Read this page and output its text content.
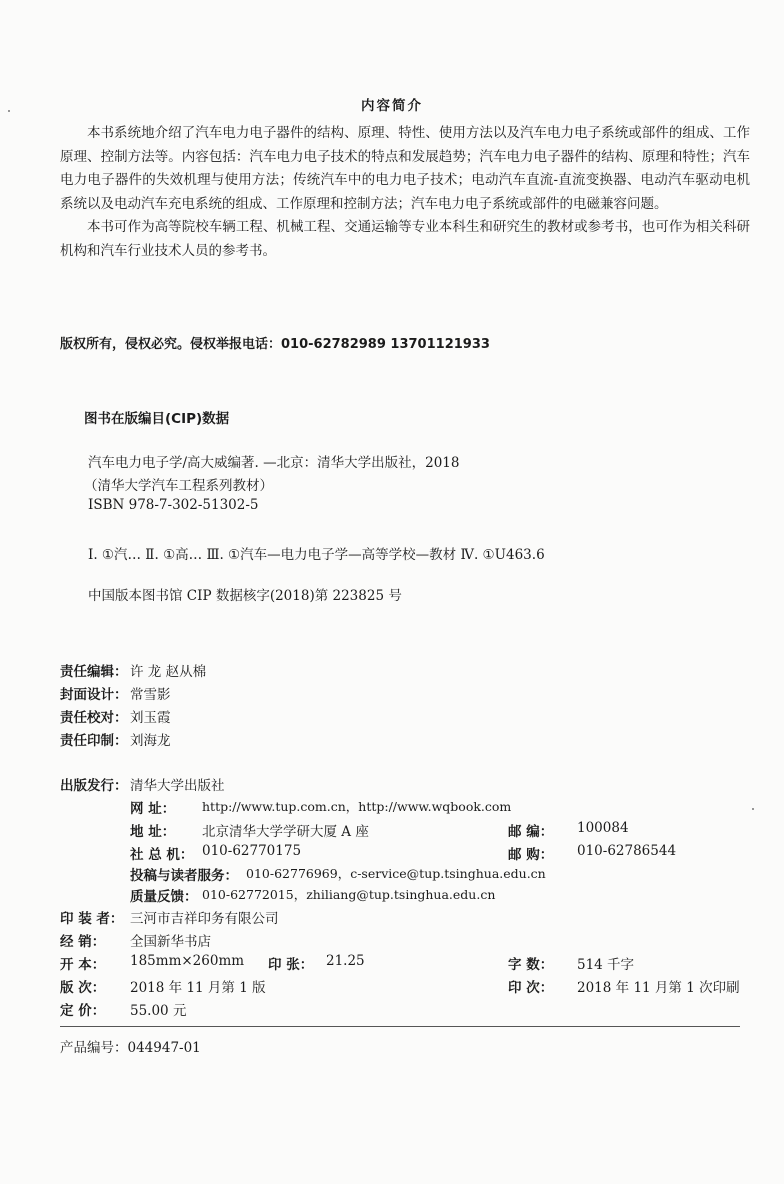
内容简介

本书系统地介绍了汽车电力电子器件的结构、原理、特性、使用方法以及汽车电力电子系统或部件的组成、工作原理、控制方法等。内容包括：汽车电力电子技术的特点和发展趋势；汽车电力电子器件的结构、原理和特性；汽车电力电子器件的失效机理与使用方法；传统汽车中的电力电子技术；电动汽车直流-直流变换器、电动汽车驱动电机系统以及电动汽车充电系统的组成、工作原理和控制方法；汽车电力电子系统或部件的电磁兼容问题。

本书可作为高等院校车辆工程、机械工程、交通运输等专业本科生和研究生的教材或参考书，也可作为相关科研机构和汽车行业技术人员的参考书。

版权所有，侵权必究。侵权举报电话：010-62782989 13701121933
图书在版编目(CIP)数据
汽车电力电子学/高大威编著. —北京：清华大学出版社，2018
（清华大学汽车工程系列教材）
ISBN 978-7-302-51302-5
Ⅰ. ①汽… Ⅱ. ①高… Ⅲ. ①汽车—电力电子学—高等学校—教材 Ⅳ. ①U463.6
中国版本图书馆 CIP 数据核字(2018)第 223825 号
责任编辑： 许 龙 赵从棉
封面设计： 常雪影
责任校对： 刘玉霞
责任印制： 刘海龙
出版发行： 清华大学出版社
网 址： http://www.tup.com.cn，http://www.wqbook.com
地 址： 北京清华大学学研大厦 A 座	邮 编： 100084
社 总 机： 010-62770175	邮 购： 010-62786544
投稿与读者服务： 010-62776969，c-service@tup.tsinghua.edu.cn
质量反馈： 010-62772015，zhiliang@tup.tsinghua.edu.cn
印 装 者： 三河市吉祥印务有限公司
经 销： 全国新华书店
开 本： 185mm×260mm 印 张： 21.25	字 数： 514 千字
版 次： 2018 年 11 月第 1 版	印 次： 2018 年 11 月第 1 次印刷
定 价： 55.00 元
产品编号：044947-01
